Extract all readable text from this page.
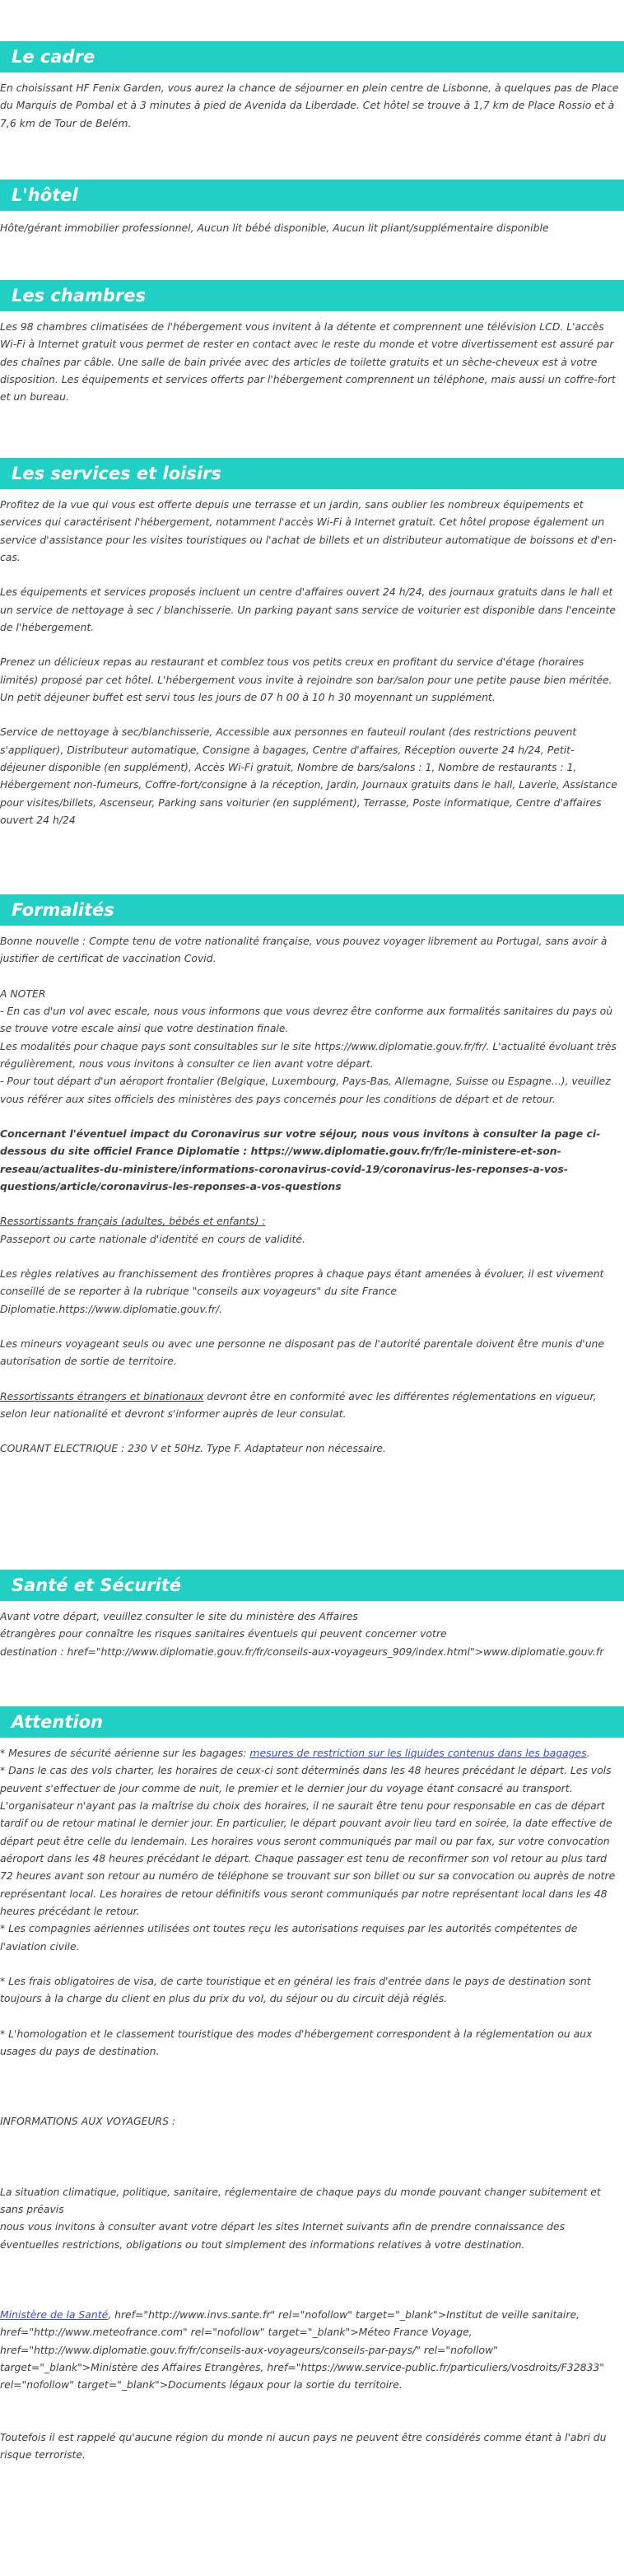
Le cadre

En choisissant HF Fenix Garden, vous aurez la chance de séjourner en plein centre de Lisbonne, à quelques pas de Place du Marquis de Pombal et à 3 minutes à pied de Avenida da Liberdade. Cet hôtel se trouve à 1,7 km de Place Rossio et à 7,6 km de Tour de Belém.

L'hôtel

Hôte/gérant immobilier professionnel, Aucun lit bébé disponible, Aucun lit pliant/supplémentaire disponible

Les chambres

Les 98 chambres climatisées de l'hébergement vous invitent à la détente et comprennent une télévision LCD. L'accès Wi-Fi à Internet gratuit vous permet de rester en contact avec le reste du monde et votre divertissement est assuré par des chaînes par câble. Une salle de bain privée avec des articles de toilette gratuits et un sèche-cheveux est à votre disposition. Les équipements et services offerts par l'hébergement comprennent un téléphone, mais aussi un coffre-fort et un bureau.

Les services et loisirs

Profitez de la vue qui vous est offerte depuis une terrasse et un jardin, sans oublier les nombreux équipements et services qui caractérisent l'hébergement, notamment l'accès Wi-Fi à Internet gratuit. Cet hôtel propose également un service d'assistance pour les visites touristiques ou l'achat de billets et un distributeur automatique de boissons et d'en-cas.

Les équipements et services proposés incluent un centre d'affaires ouvert 24 h/24, des journaux gratuits dans le hall et un service de nettoyage à sec / blanchisserie. Un parking payant sans service de voiturier est disponible dans l'enceinte de l'hébergement.

Prenez un délicieux repas au restaurant et comblez tous vos petits creux en profitant du service d'étage (horaires limités) proposé par cet hôtel. L'hébergement vous invite à rejoindre son bar/salon pour une petite pause bien méritée. Un petit déjeuner buffet est servi tous les jours de 07 h 00 à 10 h 30 moyennant un supplément.

Service de nettoyage à sec/blanchisserie, Accessible aux personnes en fauteuil roulant (des restrictions peuvent s'appliquer), Distributeur automatique, Consigne à bagages, Centre d'affaires, Réception ouverte 24 h/24, Petit-déjeuner disponible (en supplément), Accès Wi-Fi gratuit, Nombre de bars/salons : 1, Nombre de restaurants : 1, Hébergement non-fumeurs, Coffre-fort/consigne à la réception, Jardin, Journaux gratuits dans le hall, Laverie, Assistance pour visites/billets, Ascenseur, Parking sans voiturier (en supplément), Terrasse, Poste informatique, Centre d'affaires ouvert 24 h/24

Formalités

Bonne nouvelle : Compte tenu de votre nationalité française, vous pouvez voyager librement au Portugal, sans avoir à justifier de certificat de vaccination Covid.

A NOTER

- En cas d'un vol avec escale, nous vous informons que vous devrez être conforme aux formalités sanitaires du pays où se trouve votre escale ainsi que votre destination finale.

Les modalités pour chaque pays sont consultables sur le site https://www.diplomatie.gouv.fr/fr/. L'actualité évoluant très régulièrement, nous vous invitons à consulter ce lien avant votre départ.

- Pour tout départ d'un aéroport frontalier (Belgique, Luxembourg, Pays-Bas, Allemagne, Suisse ou Espagne...), veuillez vous référer aux sites officiels des ministères des pays concernés pour les conditions de départ et de retour.

Concernant l'éventuel impact du Coronavirus sur votre séjour, nous vous invitons à consulter la page ci-dessous du site officiel France Diplomatie : https://www.diplomatie.gouv.fr/fr/le-ministere-et-son-reseau/actualites-du-ministere/informations-coronavirus-covid-19/coronavirus-les-reponses-a-vos-questions/article/coronavirus-les-reponses-a-vos-questions

Ressortissants français (adultes, bébés et enfants) :

Passeport ou carte nationale d'identité en cours de validité.

Les règles relatives au franchissement des frontières propres à chaque pays étant amenées à évoluer, il est vivement conseillé de se reporter à la rubrique "conseils aux voyageurs" du site France Diplomatie.https://www.diplomatie.gouv.fr/.

Les mineurs voyageant seuls ou avec une personne ne disposant pas de l'autorité parentale doivent être munis d'une autorisation de sortie de territoire.

Ressortissants étrangers et binationaux devront être en conformité avec les différentes réglementations en vigueur, selon leur nationalité et devront s'informer auprès de leur consulat.

COURANT ELECTRIQUE : 230 V et 50Hz. Type F. Adaptateur non nécessaire.

Santé et Sécurité

Avant votre départ, veuillez consulter le site du ministère des Affaires

étrangères pour connaître les risques sanitaires éventuels qui peuvent concerner votre

destination : href="http://www.diplomatie.gouv.fr/fr/conseils-aux-voyageurs_909/index.html">www.diplomatie.gouv.fr

Attention

* Mesures de sécurité aérienne sur les bagages: mesures de restriction sur les liquides contenus dans les bagages.

* Dans le cas des vols charter, les horaires de ceux-ci sont déterminés dans les 48 heures précédant le départ. Les vols peuvent s'effectuer de jour comme de nuit, le premier et le dernier jour du voyage étant consacré au transport. L'organisateur n'ayant pas la maîtrise du choix des horaires, il ne saurait être tenu pour responsable en cas de départ tardif ou de retour matinal le dernier jour. En particulier, le départ pouvant avoir lieu tard en soirée, la date effective de départ peut être celle du lendemain. Les horaires vous seront communiqués par mail ou par fax, sur votre convocation aéroport dans les 48 heures précédant le départ. Chaque passager est tenu de reconfirmer son vol retour au plus tard 72 heures avant son retour au numéro de téléphone se trouvant sur son billet ou sur sa convocation ou auprès de notre représentant local. Les horaires de retour définitifs vous seront communiqués par notre représentant local dans les 48 heures précédant le retour.

* Les compagnies aériennes utilisées ont toutes reçu les autorisations requises par les autorités compétentes de l'aviation civile.

* Les frais obligatoires de visa, de carte touristique et en général les frais d'entrée dans le pays de destination sont toujours à la charge du client en plus du prix du vol, du séjour ou du circuit déjà réglés.

* L'homologation et le classement touristique des modes d'hébergement correspondent à la réglementation ou aux usages du pays de destination.

INFORMATIONS AUX VOYAGEURS :

La situation climatique, politique, sanitaire, réglementaire de chaque pays du monde pouvant changer subitement et sans préavis

nous vous invitons à consulter avant votre départ les sites Internet suivants afin de prendre connaissance des éventuelles restrictions, obligations ou tout simplement des informations relatives à votre destination.

Ministère de la Santé, href="http://www.invs.sante.fr" rel="nofollow" target="_blank">Institut de veille sanitaire, href="http://www.meteofrance.com" rel="nofollow" target="_blank">Méteo France Voyage, href="http://www.diplomatie.gouv.fr/fr/conseils-aux-voyageurs/conseils-par-pays/" rel="nofollow" target="_blank">Ministère des Affaires Etrangères, href="https://www.service-public.fr/particuliers/vosdroits/F32833" rel="nofollow" target="_blank">Documents légaux pour la sortie du territoire.

Toutefois il est rappelé qu'aucune région du monde ni aucun pays ne peuvent être considérés comme étant à l'abri du risque terroriste.
